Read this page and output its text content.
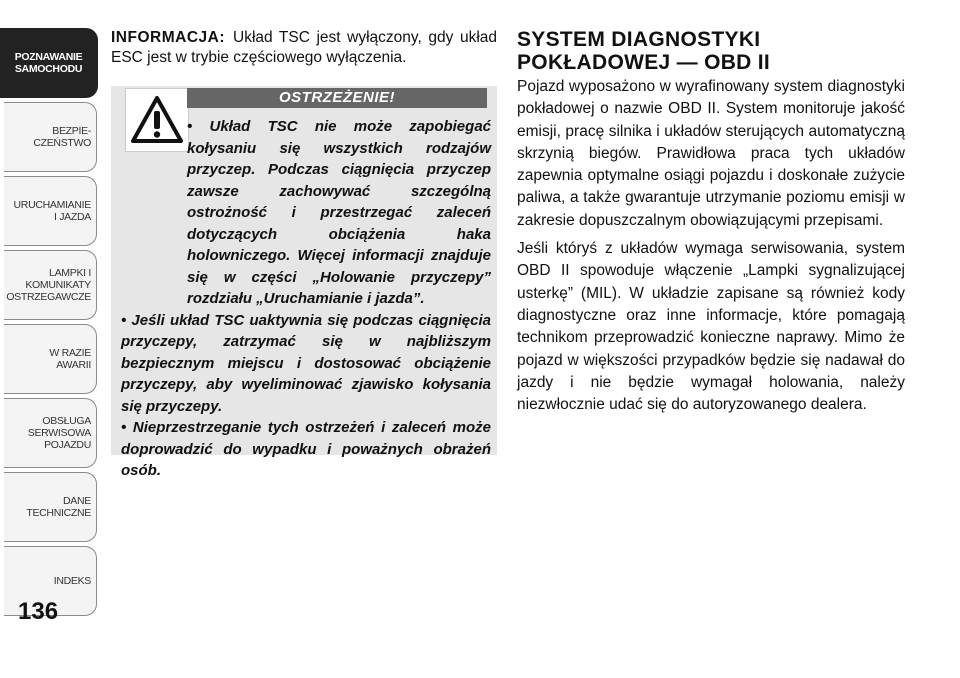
POZNAWANIE
SAMOCHODU
BEZPIE-
CZEŃSTWO
URUCHAMIANIE
I JAZDA
LAMPKI I
KOMUNIKATY
OSTRZEGAWCZE
W RAZIE
AWARII
OBSŁUGA
SERWISOWA
POJAZDU
DANE
TECHNICZNE
INDEKS
136

INFORMACJA: Układ TSC jest wyłączony, gdy układ ESC jest w trybie częściowego wyłączenia.

OSTRZEŻENIE!

• Układ TSC nie może zapobiegać kołysaniu się wszystkich rodzajów przyczep. Podczas ciągnięcia przyczep zawsze zachowywać szczególną ostrożność i przestrzegać zaleceń dotyczących obciążenia haka holowniczego. Więcej informacji znajduje się w części „Holowanie przyczepy” rozdziału „Uruchamianie i jazda”.

• Jeśli układ TSC uaktywnia się podczas ciągnięcia przyczepy, zatrzymać się w najbliższym bezpiecznym miejscu i dostosować obciążenie przyczepy, aby wyeliminować zjawisko kołysania się przyczepy.

• Nieprzestrzeganie tych ostrzeżeń i zaleceń może doprowadzić do wypadku i poważnych obrażeń osób.

SYSTEM DIAGNOSTYKI
POKŁADOWEJ — OBD II

Pojazd wyposażono w wyrafinowany system diagnostyki pokładowej o nazwie OBD II. System monitoruje jakość emisji, pracę silnika i układów sterujących automatyczną skrzynią biegów. Prawidłowa praca tych układów zapewnia optymalne osiągi pojazdu i doskonałe zużycie paliwa, a także gwarantuje utrzymanie poziomu emisji w zakresie dopuszczalnym obowiązującymi przepisami.

Jeśli któryś z układów wymaga serwisowania, system OBD II spowoduje włączenie „Lampki sygnalizującej usterkę” (MIL). W układzie zapisane są również kody diagnostyczne oraz inne informacje, które pomagają technikom przeprowadzić konieczne naprawy. Mimo że pojazd w większości przypadków będzie się nadawał do jazdy i nie będzie wymagał holowania, należy niezwłocznie udać się do autoryzowanego dealera.
